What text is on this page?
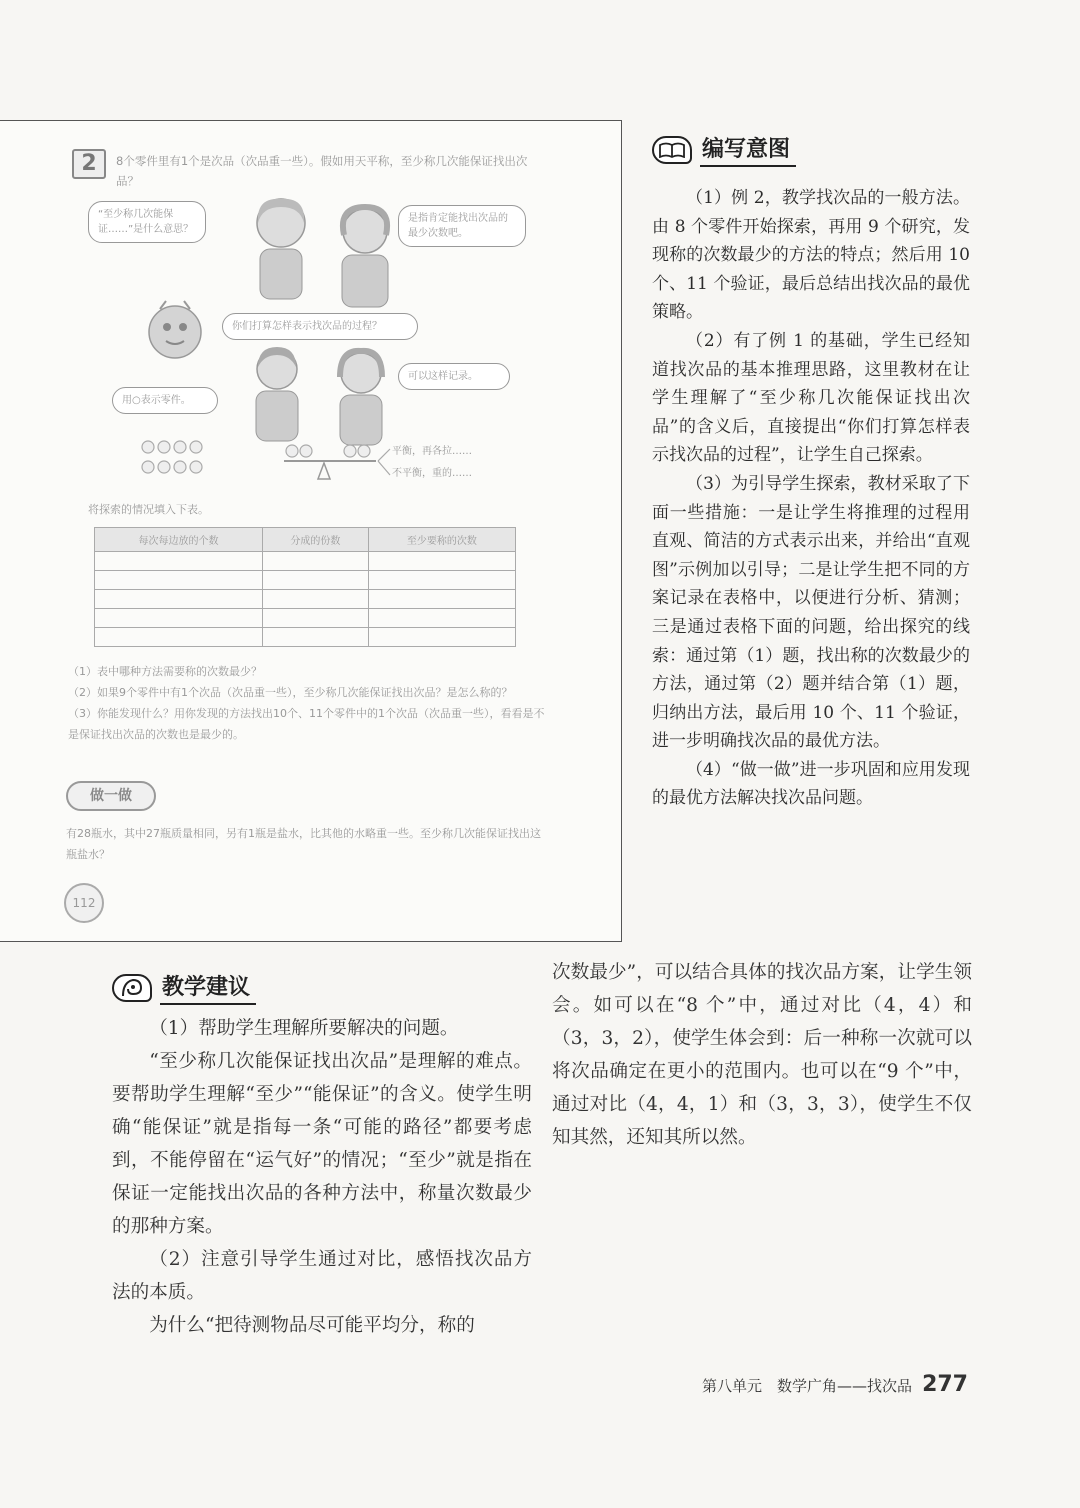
2	8个零件里有1个是次品（次品重一些）。假如用天平称，至少称几次能保证找出次品？
“至少称几次能保证……”是什么意思？
是指肯定能找出次品的最少次数吧。
你们打算怎样表示找次品的过程？
用○表示零件。
可以这样记录。
平衡，再各拉……
不平衡，重的……
将探索的情况填入下表。
每次每边放的个数	分成的份数	至少要称的次数

（1）表中哪种方法需要称的次数最少？
（2）如果9个零件中有1个次品（次品重一些），至少称几次能保证找出次品？是怎么称的？
（3）你能发现什么？用你发现的方法找出10个、11个零件中的1个次品（次品重一些），看看是不是保证找出次品的次数也是最少的。
做一做
有28瓶水，其中27瓶质量相同，另有1瓶是盐水，比其他的水略重一些。至少称几次能保证找出这瓶盐水？
112
编写意图

（1）例 2，教学找次品的一般方法。由 8 个零件开始探索，再用 9 个研究，发现称的次数最少的方法的特点；然后用 10 个、11 个验证，最后总结出找次品的最优策略。

（2）有了例 1 的基础，学生已经知道找次品的基本推理思路，这里教材在让学生理解了“至少称几次能保证找出次品”的含义后，直接提出“你们打算怎样表示找次品的过程”，让学生自己探索。

（3）为引导学生探索，教材采取了下面一些措施：一是让学生将推理的过程用直观、简洁的方式表示出来，并给出“直观图”示例加以引导；二是让学生把不同的方案记录在表格中，以便进行分析、猜测；三是通过表格下面的问题，给出探究的线索：通过第（1）题，找出称的次数最少的方法，通过第（2）题并结合第（1）题，归纳出方法，最后用 10 个、11 个验证，进一步明确找次品的最优方法。

（4）“做一做”进一步巩固和应用发现的最优方法解决找次品问题。

教学建议

（1）帮助学生理解所要解决的问题。

“至少称几次能保证找出次品”是理解的难点。要帮助学生理解“至少”“能保证”的含义。使学生明确“能保证”就是指每一条“可能的路径”都要考虑到，不能停留在“运气好”的情况；“至少”就是指在保证一定能找出次品的各种方法中，称量次数最少的那种方案。

（2）注意引导学生通过对比，感悟找次品方法的本质。

为什么“把待测物品尽可能平均分，称的

次数最少”，可以结合具体的找次品方案，让学生领会。如可以在“8 个”中，通过对比（4，4）和（3，3，2），使学生体会到：后一种称一次就可以将次品确定在更小的范围内。也可以在“9 个”中，通过对比（4，4，1）和（3，3，3），使学生不仅知其然，还知其所以然。

第八单元　数学广角——找次品 277
